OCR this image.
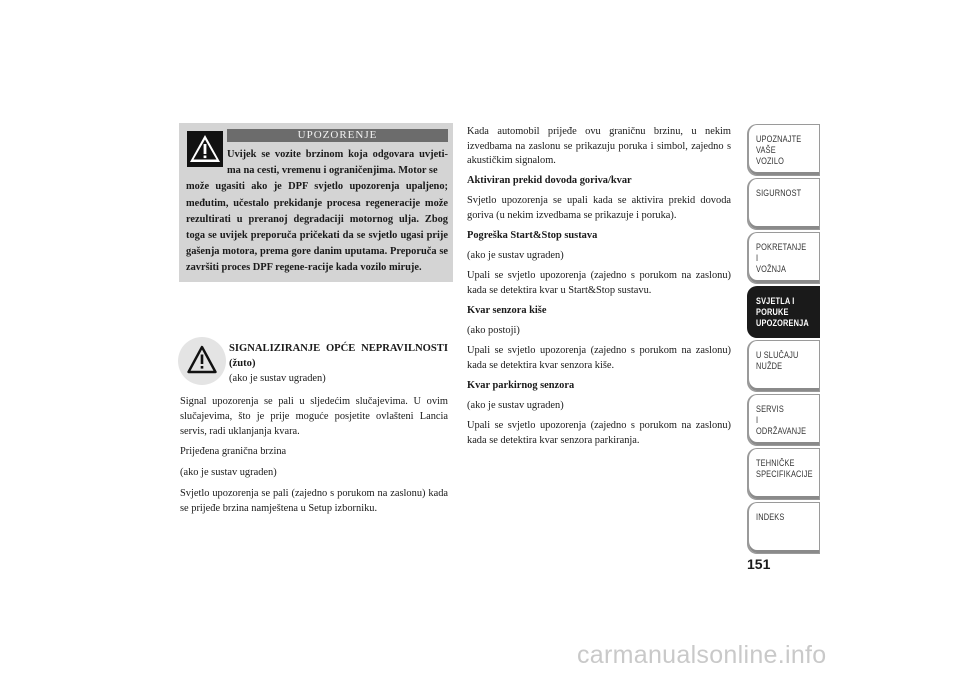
UPOZORENJE
Uvijek se vozite brzinom koja odgovara uvjeti-ma na cesti, vremenu i ograničenjima. Motor se
može ugasiti ako je DPF svjetlo upozorenja upaljeno; međutim, učestalo prekidanje procesa regeneracije može rezultirati u preranoj degradaciji motornog ulja. Zbog toga se uvijek preporuča pričekati da se svjetlo ugasi prije gašenja motora, prema gore danim uputama. Preporuča se završiti proces DPF regene-racije kada vozilo miruje.
SIGNALIZIRANJE OPĆE NEPRAVILNOSTI (žuto)
(ako je sustav ugraden)

Signal upozorenja se pali u sljedećim slučajevima. U ovim slučajevima, što je prije moguće posjetite ovlašteni Lancia servis, radi uklanjanja kvara.

Prijeđena granična brzina

(ako je sustav ugraden)

Svjetlo upozorenja se pali (zajedno s porukom na zaslonu) kada se prijeđe brzina namještena u Setup izborniku.

Kada automobil prijeđe ovu graničnu brzinu, u nekim izvedbama na zaslonu se prikazuju poruka i simbol, zajedno s akustičkim signalom.

Aktiviran prekid dovoda goriva/kvar

Svjetlo upozorenja se upali kada se aktivira prekid dovoda goriva (u nekim izvedbama se prikazuje i poruka).

Pogreška Start&Stop sustava

(ako je sustav ugraden)

Upali se svjetlo upozorenja (zajedno s porukom na zaslonu) kada se detektira kvar u Start&Stop sustavu.

Kvar senzora kiše

(ako postoji)

Upali se svjetlo upozorenja (zajedno s porukom na zaslonu) kada se detektira kvar senzora kiše.

Kvar parkirnog senzora

(ako je sustav ugraden)

Upali se svjetlo upozorenja (zajedno s porukom na zaslonu) kada se detektira kvar senzora parkiranja.

UPOZNAJTE
VAŠE
VOZILO
SIGURNOST
POKRETANJE
I
VOŽNJA
SVJETLA I
PORUKE
UPOZORENJA
U SLUČAJU
NUŽDE
SERVIS
I
ODRŽAVANJE
TEHNIČKE
SPECIFIKACIJE
INDEKS
151
carmanualsonline.info
